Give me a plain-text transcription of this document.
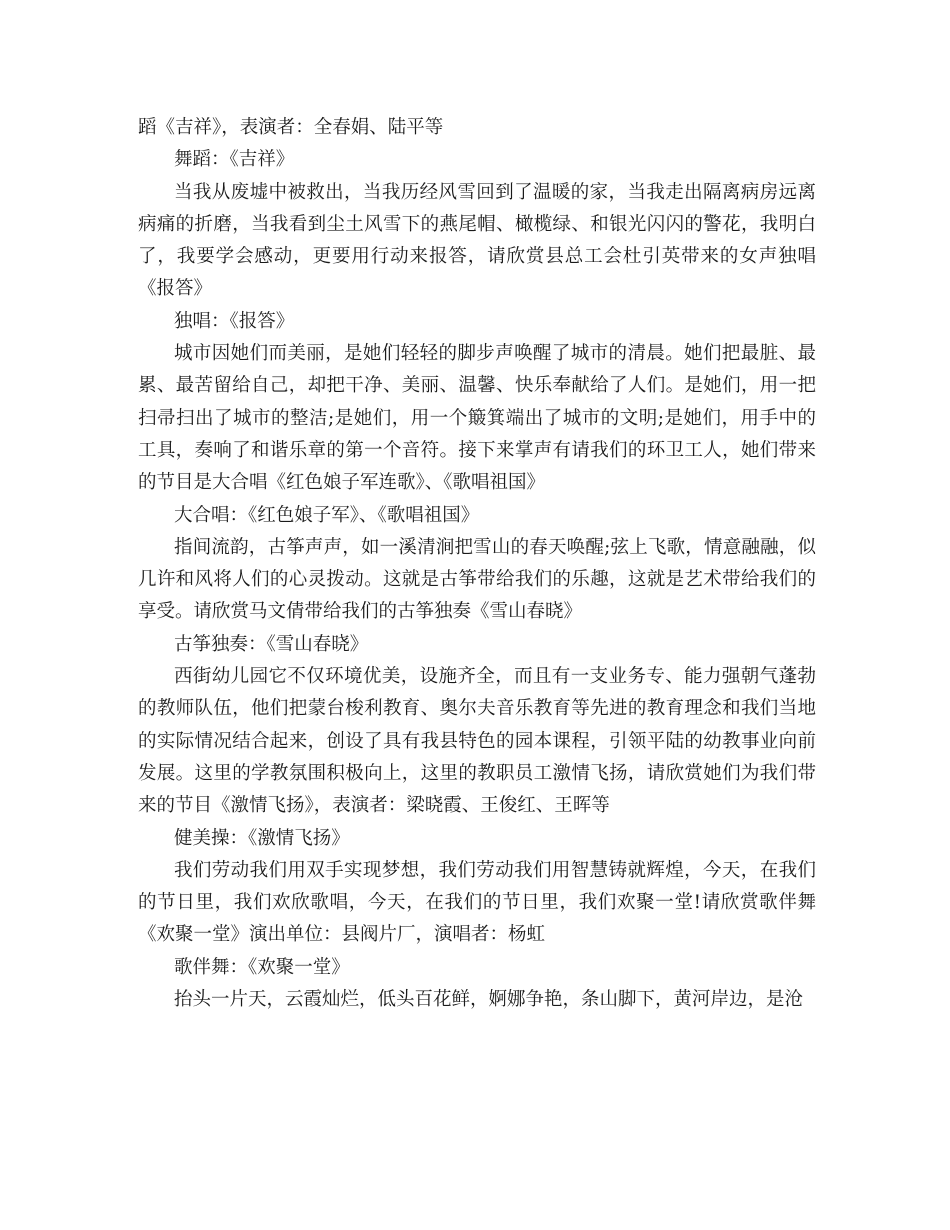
蹈《吉祥》，表演者：全春娟、陆平等

舞蹈：《吉祥》

当我从废墟中被救出，当我历经风雪回到了温暖的家，当我走出隔离病房远离病痛的折磨，当我看到尘土风雪下的燕尾帽、橄榄绿、和银光闪闪的警花，我明白了，我要学会感动，更要用行动来报答，请欣赏县总工会杜引英带来的女声独唱《报答》

独唱：《报答》

城市因她们而美丽，是她们轻轻的脚步声唤醒了城市的清晨。她们把最脏、最累、最苦留给自己，却把干净、美丽、温馨、快乐奉献给了人们。是她们，用一把扫帚扫出了城市的整洁;是她们，用一个簸箕端出了城市的文明;是她们，用手中的工具，奏响了和谐乐章的第一个音符。接下来掌声有请我们的环卫工人，她们带来的节目是大合唱《红色娘子军连歌》、《歌唱祖国》

大合唱：《红色娘子军》、《歌唱祖国》

指间流韵，古筝声声，如一溪清涧把雪山的春天唤醒;弦上飞歌，情意融融，似几许和风将人们的心灵拨动。这就是古筝带给我们的乐趣，这就是艺术带给我们的享受。请欣赏马文倩带给我们的古筝独奏《雪山春晓》

古筝独奏：《雪山春晓》

西街幼儿园它不仅环境优美，设施齐全，而且有一支业务专、能力强朝气蓬勃的教师队伍，他们把蒙台梭利教育、奥尔夫音乐教育等先进的教育理念和我们当地的实际情况结合起来，创设了具有我县特色的园本课程，引领平陆的幼教事业向前发展。这里的学教氛围积极向上，这里的教职员工激情飞扬，请欣赏她们为我们带来的节目《激情飞扬》，表演者：梁晓霞、王俊红、王晖等

健美操：《激情飞扬》

我们劳动我们用双手实现梦想，我们劳动我们用智慧铸就辉煌，今天，在我们的节日里，我们欢欣歌唱，今天，在我们的节日里，我们欢聚一堂!请欣赏歌伴舞《欢聚一堂》演出单位：县阀片厂，演唱者：杨虹

歌伴舞：《欢聚一堂》

抬头一片天，云霞灿烂，低头百花鲜，婀娜争艳，条山脚下，黄河岸边，是沧
